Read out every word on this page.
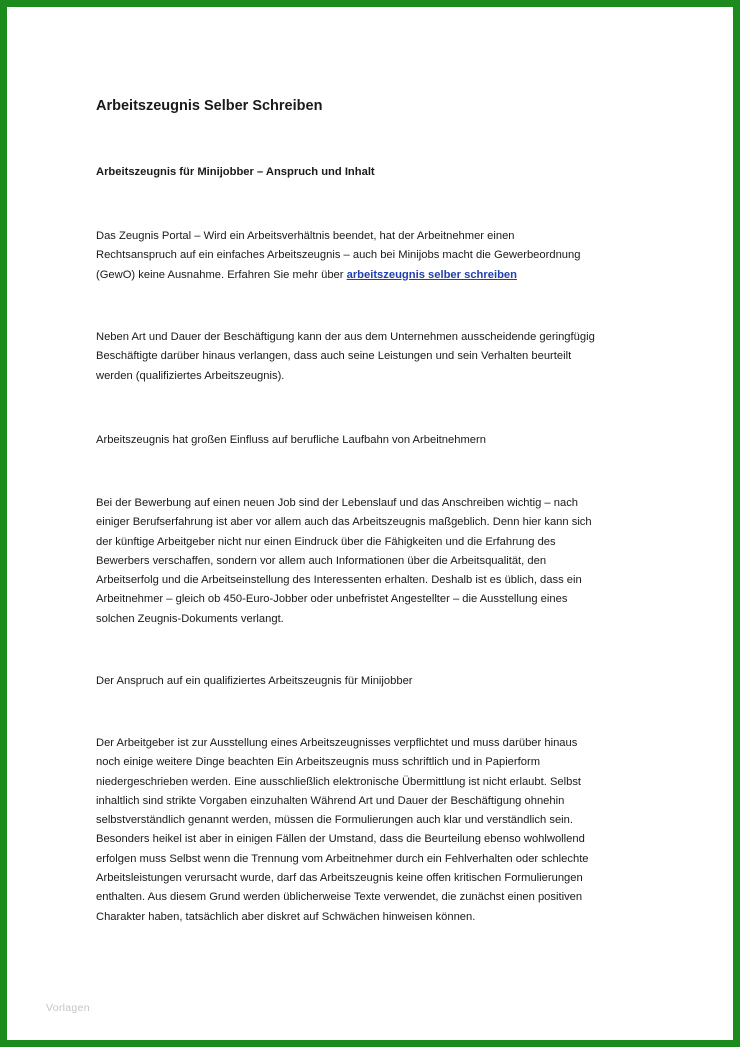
Arbeitszeugnis Selber Schreiben
Arbeitszeugnis für Minijobber – Anspruch und Inhalt

Das Zeugnis Portal – Wird ein Arbeitsverhältnis beendet, hat der Arbeitnehmer einen
Rechtsanspruch auf ein einfaches Arbeitszeugnis – auch bei Minijobs macht die Gewerbeordnung
(GewO) keine Ausnahme. Erfahren Sie mehr über arbeitszeugnis selber schreiben

Neben Art und Dauer der Beschäftigung kann der aus dem Unternehmen ausscheidende geringfügig
Beschäftigte darüber hinaus verlangen, dass auch seine Leistungen und sein Verhalten beurteilt
werden (qualifiziertes Arbeitszeugnis).

Arbeitszeugnis hat großen Einfluss auf berufliche Laufbahn von Arbeitnehmern

Bei der Bewerbung auf einen neuen Job sind der Lebenslauf und das Anschreiben wichtig – nach
einiger Berufserfahrung ist aber vor allem auch das Arbeitszeugnis maßgeblich. Denn hier kann sich
der künftige Arbeitgeber nicht nur einen Eindruck über die Fähigkeiten und die Erfahrung des
Bewerbers verschaffen, sondern vor allem auch Informationen über die Arbeitsqualität, den
Arbeitserfolg und die Arbeitseinstellung des Interessenten erhalten. Deshalb ist es üblich, dass ein
Arbeitnehmer – gleich ob 450-Euro-Jobber oder unbefristet Angestellter – die Ausstellung eines
solchen Zeugnis-Dokuments verlangt.

Der Anspruch auf ein qualifiziertes Arbeitszeugnis für Minijobber

Der Arbeitgeber ist zur Ausstellung eines Arbeitszeugnisses verpflichtet und muss darüber hinaus
noch einige weitere Dinge beachten Ein Arbeitszeugnis muss schriftlich und in Papierform
niedergeschrieben werden. Eine ausschließlich elektronische Übermittlung ist nicht erlaubt. Selbst
inhaltlich sind strikte Vorgaben einzuhalten Während Art und Dauer der Beschäftigung ohnehin
selbstverständlich genannt werden, müssen die Formulierungen auch klar und verständlich sein.
Besonders heikel ist aber in einigen Fällen der Umstand, dass die Beurteilung ebenso wohlwollend
erfolgen muss Selbst wenn die Trennung vom Arbeitnehmer durch ein Fehlverhalten oder schlechte
Arbeitsleistungen verursacht wurde, darf das Arbeitszeugnis keine offen kritischen Formulierungen
enthalten. Aus diesem Grund werden üblicherweise Texte verwendet, die zunächst einen positiven
Charakter haben, tatsächlich aber diskret auf Schwächen hinweisen können.

Vorlagen
